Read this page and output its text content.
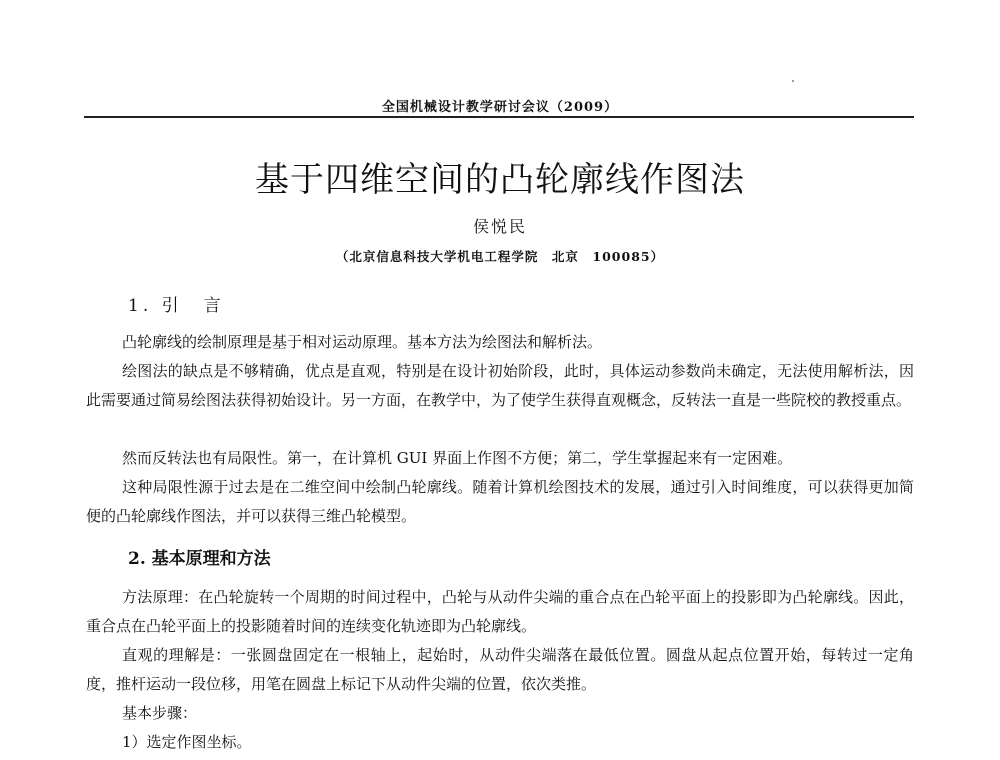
全国机械设计教学研讨会议（2009）
基于四维空间的凸轮廓线作图法
侯悦民
（北京信息科技大学机电工程学院　北京　100085）
1. 引　言
凸轮廓线的绘制原理是基于相对运动原理。基本方法为绘图法和解析法。
绘图法的缺点是不够精确，优点是直观，特别是在设计初始阶段，此时，具体运动参数尚未确定，无法使用解析法，因此需要通过简易绘图法获得初始设计。另一方面，在教学中，为了使学生获得直观概念，反转法一直是一些院校的教授重点。
然而反转法也有局限性。第一，在计算机 GUI 界面上作图不方便；第二，学生掌握起来有一定困难。
这种局限性源于过去是在二维空间中绘制凸轮廓线。随着计算机绘图技术的发展，通过引入时间维度，可以获得更加简便的凸轮廓线作图法，并可以获得三维凸轮模型。
2. 基本原理和方法
方法原理：在凸轮旋转一个周期的时间过程中，凸轮与从动件尖端的重合点在凸轮平面上的投影即为凸轮廓线。因此，重合点在凸轮平面上的投影随着时间的连续变化轨迹即为凸轮廓线。
直观的理解是：一张圆盘固定在一根轴上，起始时，从动件尖端落在最低位置。圆盘从起点位置开始，每转过一定角度，推杆运动一段位移，用笔在圆盘上标记下从动件尖端的位置，依次类推。
基本步骤：
1）选定作图坐标。
